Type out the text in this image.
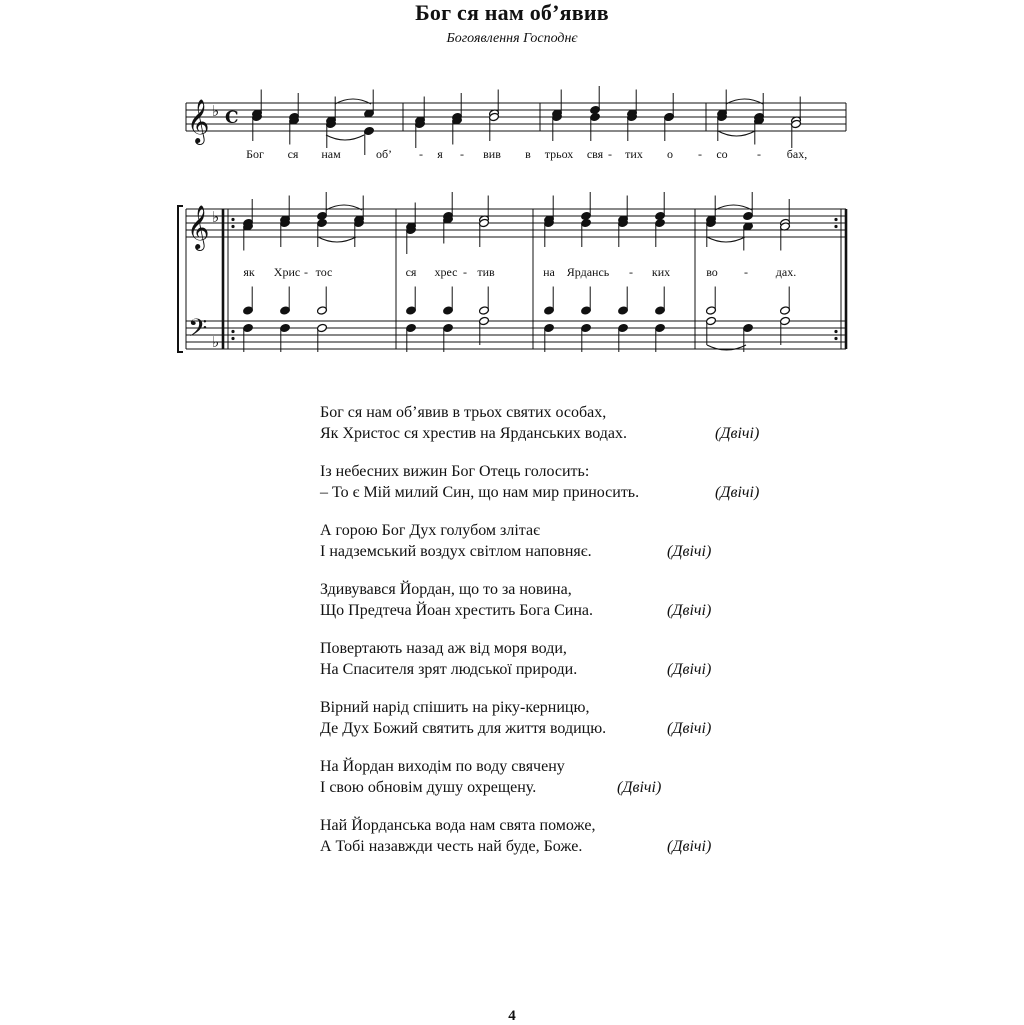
Бог ся нам об’явив
Богоявлення Господнє
𝄞 ♭ C
Бог ся нам	об’ - я - вив в трьох свя - тих о - со - бах,
𝄞 ♭
𝄢 ♭
як Хрис - тос	ся хрес - тив	на Ярдансь - ких	во - дах.
Бог ся нам об’явив в трьох святих особах,
Як Христос ся хрестив на Ярданських водах.	(Двічі)
Із небесних вижин Бог Отець голосить:
– То є Мій милий Син, що нам мир приносить.	(Двічі)
А горою Бог Дух голубом злітає
І надземський воздух світлом наповняє.	(Двічі)
Здивувався Йордан, що то за новина,
Що Предтеча Йоан хрестить Бога Сина.	(Двічі)
Повертають назад аж від моря води,
На Спасителя зрят людської природи.	(Двічі)
Вірний нарід спішить на ріку-керницю,
Де Дух Божий святить для життя водицю.	(Двічі)
На Йордан виходім по воду свячену
І свою обновім душу охрещену.	(Двічі)
Най Йорданська вода нам свята поможе,
А Тобі назавжди честь най буде, Боже.	(Двічі)
4
